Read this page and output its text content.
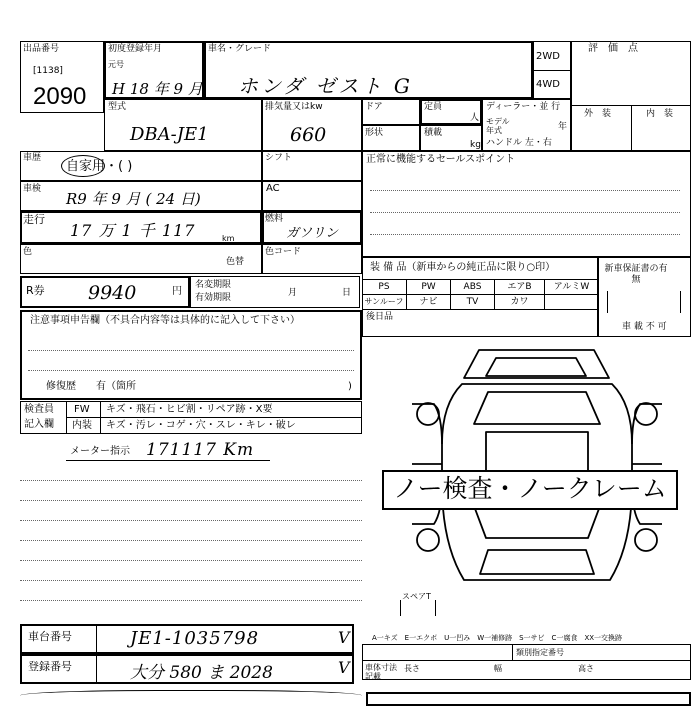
出品番号
[1138]
2090
初度登録年月
元号
H 18 年 9 月
車名・グレード
ホンダ ゼスト G
2WD
4WD
評　価　点
外　装	内　装
型式
DBA-JE1
排気量又はkw
660
ドア	定員
人
ディーラー・並 行
形状	積載
kg
モデル年式	年
ハンドル 左・右
車歴
自家用・( )
車検
R9 年 9 月 ( 24 日)
走行
17 万 1 千 117	km
色
色替
R券 9940	円
名変期限
有効期限	月	日
シフト
AC
燃料
ガソリン
色コード
正常に機能するセールスポイント
装 備 品（新車からの純正品に限り○印）
PS	PW	ABS	エアB	アルミW
サンルーフ	ナビ	TV	カワ
後日品
新車保証書の有無
車 載 不 可
注意事項申告欄（不具合内容等は具体的に記入して下さい）
修復歴　　有（箇所	)
検査員
記入欄
FW キズ・飛石・ヒビ割・リペア跡・X要
内装 キズ・汚レ・コゲ・穴・スレ・キレ・破レ
メーター指示 171117 Km
ノー検査・ノークレーム
スペアT
A一キズ　E一エクボ　U一凹み　W一補修跡　S一サビ　C一腐食　XX一交換跡
車台番号	JE1-1035798	V
登録番号	大分 580 ま 2028	V
類別指定番号
車体寸法記載
長さ	幅	高さ
